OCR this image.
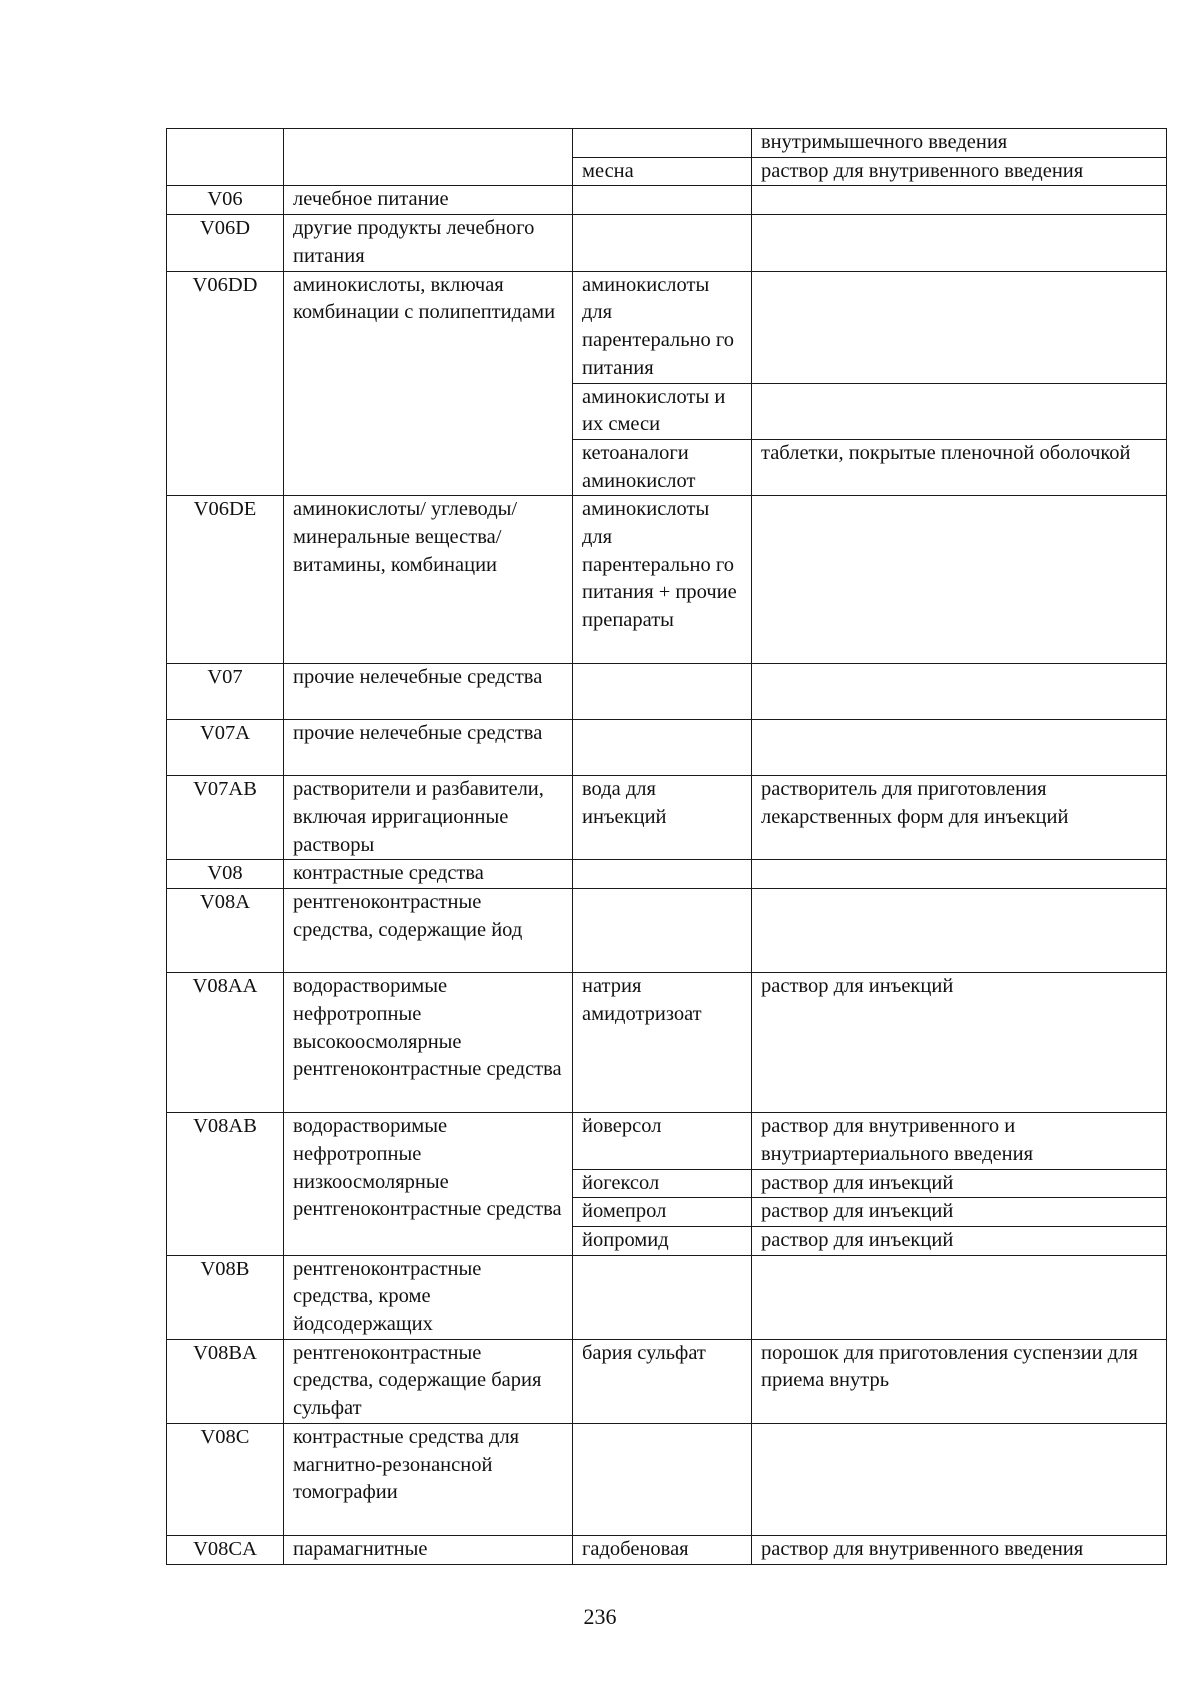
			внутримышечного введения
		месна	раствор для внутривенного введения
V06	лечебное питание		
V06D	другие продукты лечебного питания		
V06DD	аминокислоты, включая комбинации с полипептидами	аминокислоты для парентерально го питания	
		аминокислоты и их смеси	
		кетоаналоги аминокислот	таблетки, покрытые пленочной оболочкой
V06DE	аминокислоты/ углеводы/минеральные вещества/витамины, комбинации	аминокислоты для парентерально го питания + прочие препараты	
V07	прочие нелечебные средства		
V07A	прочие нелечебные средства		
V07AB	растворители и разбавители, включая ирригационные растворы	вода для инъекций	растворитель для приготовления лекарственных форм для инъекций
V08	контрастные средства		
V08A	рентгеноконтрастные средства, содержащие йод		
V08AA	водорастворимые нефротропные высокоосмолярные рентгеноконтрастные средства	натрия амидотризоат	раствор для инъекций
V08AB	водорастворимые нефротропные низкоосмолярные рентгеноконтрастные средства	йоверсол	раствор для внутривенного и внутриартериального введения
		йогексол	раствор для инъекций
		йомепрол	раствор для инъекций
		йопромид	раствор для инъекций
V08B	рентгеноконтрастные средства, кроме йодсодержащих		
V08BA	рентгеноконтрастные средства, содержащие бария сульфат	бария сульфат	порошок для приготовления суспензии для приема внутрь
V08C	контрастные средства для магнитно-резонансной томографии		
V08CA	парамагнитные	гадобеновая	раствор для внутривенного введения
236
